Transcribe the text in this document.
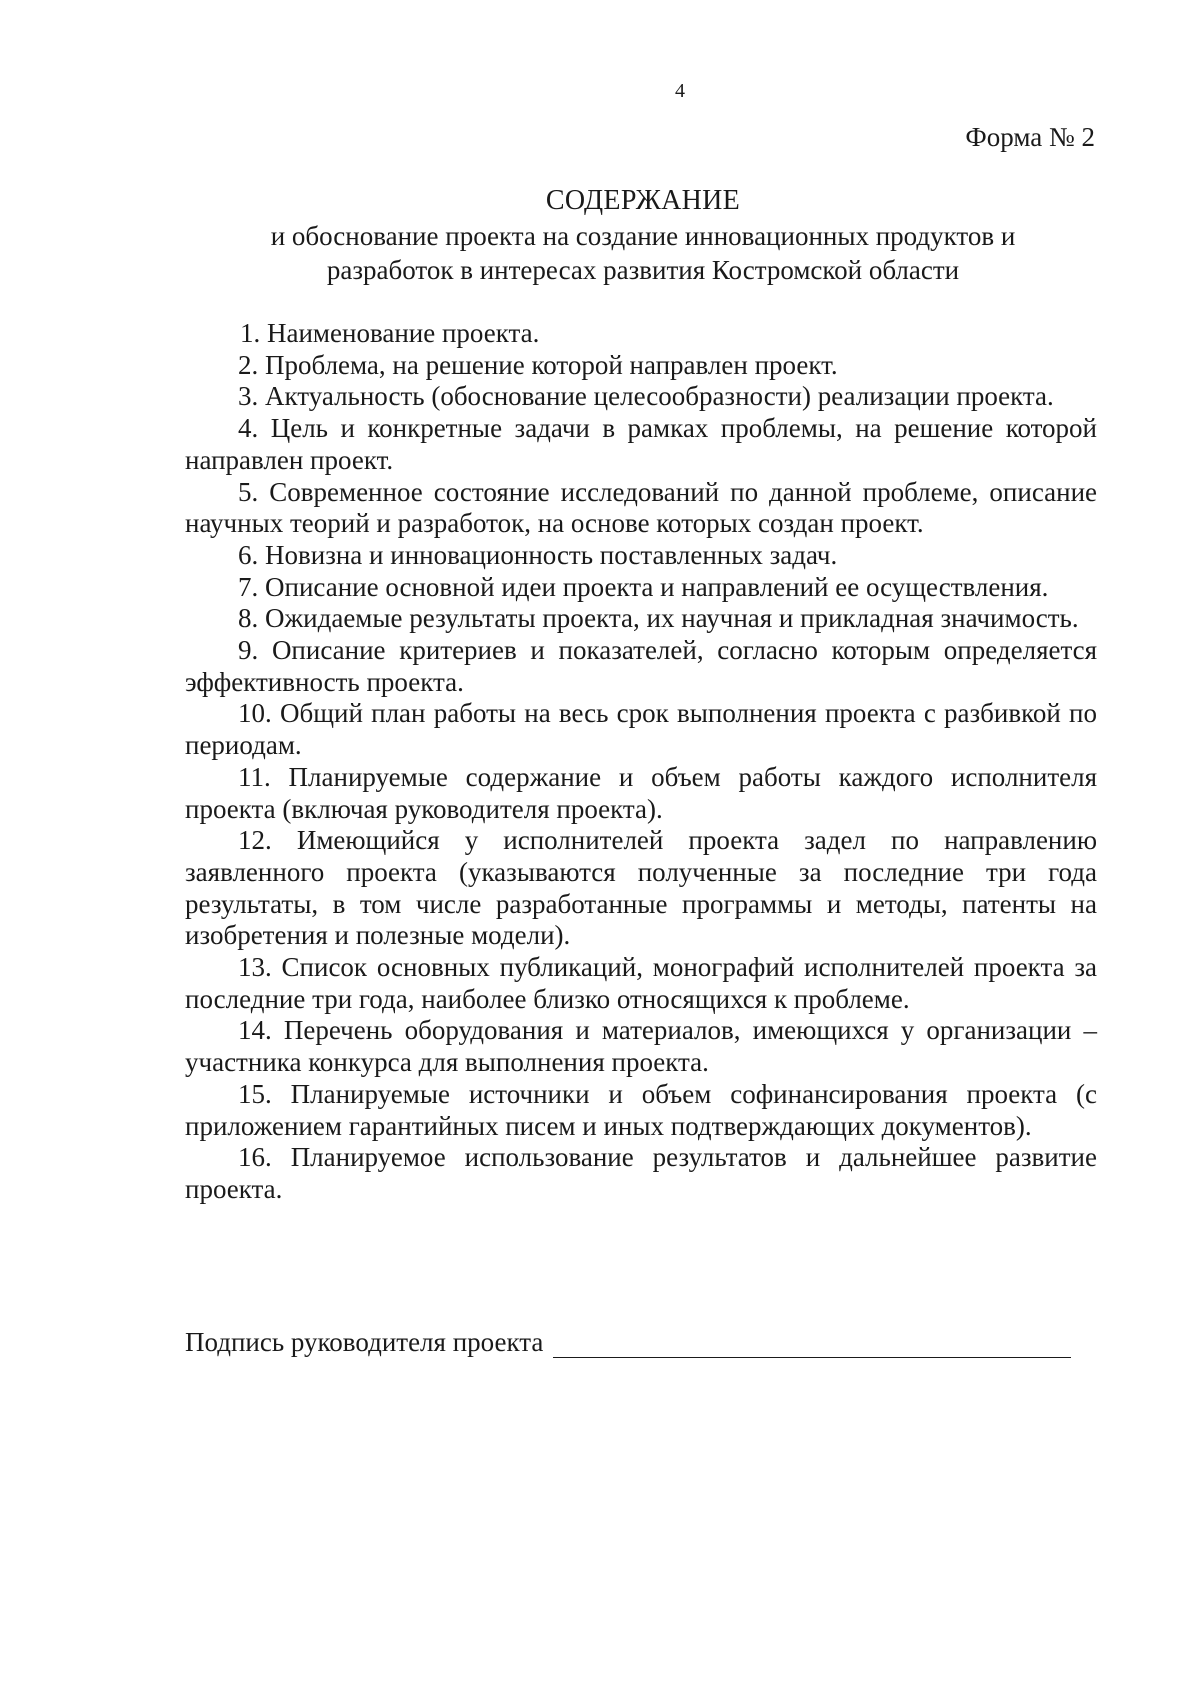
4
Форма № 2
СОДЕРЖАНИЕ
и обоснование проекта на создание инновационных продуктов и
разработок в интересах развития Костромской области

1. Наименование проекта.

2. Проблема, на решение которой направлен проект.

3. Актуальность (обоснование целесообразности) реализации проекта.

4. Цель и конкретные задачи в рамках проблемы, на решение которой направлен проект.

5. Современное состояние исследований по данной проблеме, описание научных теорий и разработок, на основе которых создан проект.

6. Новизна и инновационность поставленных задач.

7. Описание основной идеи проекта и направлений ее осуществления.

8. Ожидаемые результаты проекта, их научная и прикладная значимость.

9. Описание критериев и показателей, согласно которым определяется эффективность проекта.

10. Общий план работы на весь срок выполнения проекта с разбивкой по периодам.

11. Планируемые содержание и объем работы каждого исполнителя проекта (включая руководителя проекта).

12. Имеющийся у исполнителей проекта задел по направлению заявленного проекта (указываются полученные за последние три года результаты, в том числе разработанные программы и методы, патенты на изобретения и полезные модели).

13. Список основных публикаций, монографий исполнителей проекта за последние три года, наиболее близко относящихся к проблеме.

14. Перечень оборудования и материалов, имеющихся у организации – участника конкурса для выполнения проекта.

15. Планируемые источники и объем софинансирования проекта (с приложением гарантийных писем и иных подтверждающих документов).

16. Планируемое использование результатов и дальнейшее развитие проекта.

Подпись руководителя проекта
